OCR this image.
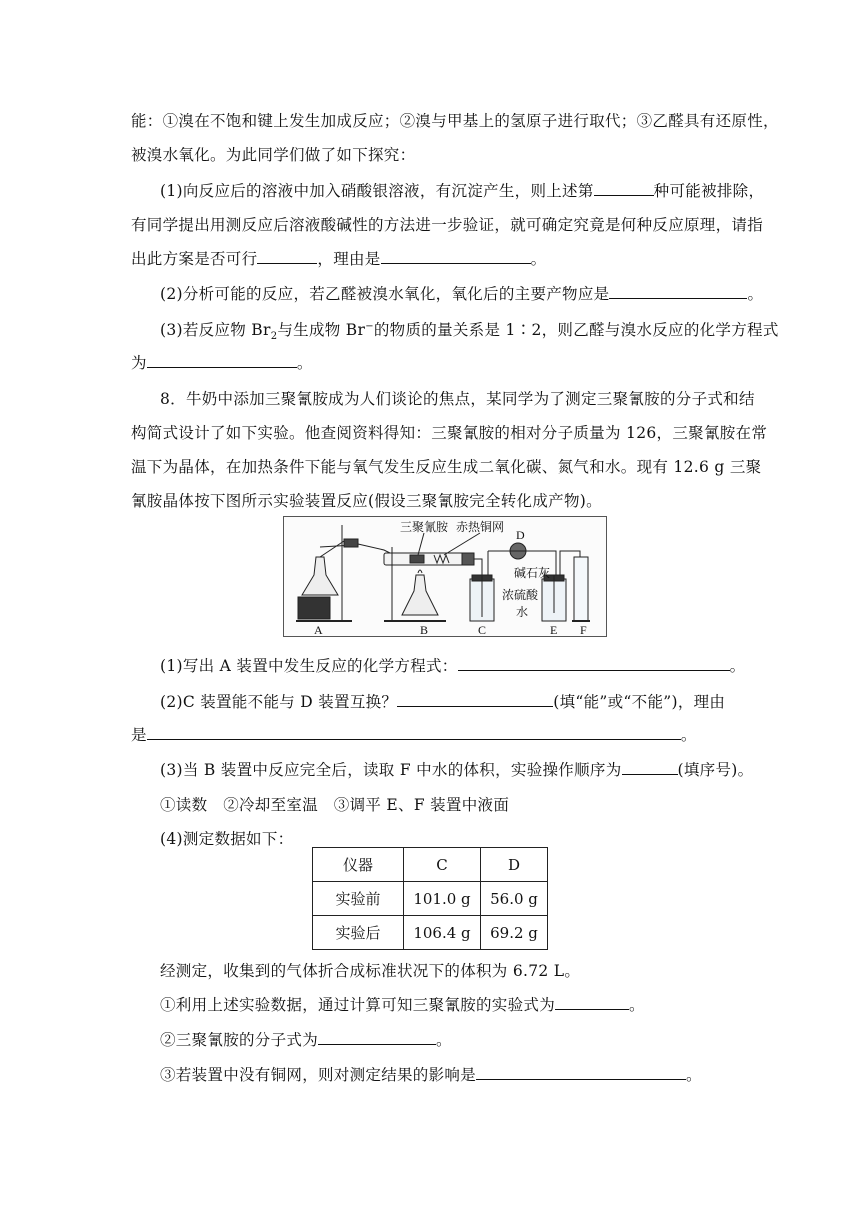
能：①溴在不饱和键上发生加成反应；②溴与甲基上的氢原子进行取代；③乙醛具有还原性，
被溴水氧化。为此同学们做了如下探究：
(1)向反应后的溶液中加入硝酸银溶液，有沉淀产生，则上述第	种可能被排除，
有同学提出用测反应后溶液酸碱性的方法进一步验证，就可确定究竟是何种反应原理，请指
出此方案是否可行	，理由是	。
(2)分析可能的反应，若乙醛被溴水氧化，氧化后的主要产物应是	。
(3)若反应物 $Br_2$与生成物 Br−的物质的量关系是 1∶2，则乙醛与溴水反应的化学方程式
为	。
8．牛奶中添加三聚氰胺成为人们谈论的焦点，某同学为了测定三聚氰胺的分子式和结
构简式设计了如下实验。他查阅资料得知：三聚氰胺的相对分子质量为 126，三聚氰胺在常
温下为晶体，在加热条件下能与氧气发生反应生成二氧化碳、氮气和水。现有 12.6 g 三聚
氰胺晶体按下图所示实验装置反应(假设三聚氰胺完全转化成产物)。
三聚氰胺 赤热铜网
D
碱石灰
浓硫酸
水
A	B	C	E F
(1)写出 A 装置中发生反应的化学方程式：	。
(2)C 装置能不能与 D 装置互换？	(填“能”或“不能”)，理由
是	。
(3)当 B 装置中反应完全后，读取 F 中水的体积，实验操作顺序为	(填序号)。
①读数　②冷却至室温　③调平 E、F 装置中液面
(4)测定数据如下：
仪器	C	D
实验前	101.0 g	56.0 g
实验后	106.4 g	69.2 g
经测定，收集到的气体折合成标准状况下的体积为 6.72 L。
①利用上述实验数据，通过计算可知三聚氰胺的实验式为	。
②三聚氰胺的分子式为	。
③若装置中没有铜网，则对测定结果的影响是	。
